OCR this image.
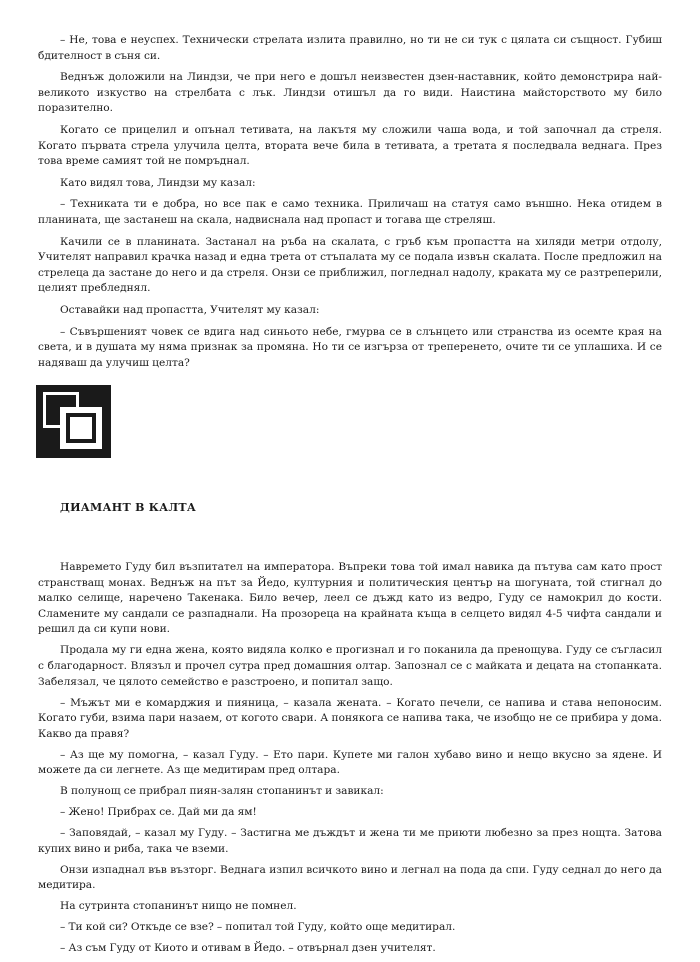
– Не, това е неуспех. Технически стрелата излита правилно, но ти не си тук с цялата си същност. Губиш бдителност в съня си.

Веднъж доложили на Линдзи, че при него е дошъл неизвестен дзен-наставник, който демонстрира най-великото изкуство на стрелбата с лък. Линдзи отишъл да го види. Наистина майсторството му било поразително.

Когато се прицелил и опънал тетивата, на лакътя му сложили чаша вода, и той започнал да стреля. Когато първата стрела улучила целта, втората вече била в тетивата, а третата я последвала веднага. През това време самият той не помръднал.

Като видял това, Линдзи му казал:

– Техниката ти е добра, но все пак е само техника. Приличаш на статуя само външно. Нека отидем в планината, ще застанеш на скала, надвиснала над пропаст и тогава ще стреляш.

Качили се в планината. Застанал на ръба на скалата, с гръб към пропастта на хиляди метри отдолу, Учителят направил крачка назад и една трета от стъпалата му се подала извън скалата. После предложил на стрелеца да застане до него и да стреля. Онзи се приближил, погледнал надолу, краката му се разтреперили, целият пребледнял.

Оставайки над пропастта, Учителят му казал:

– Съвършеният човек се вдига над синьото небе, гмурва се в слънцето или странства из осемте края на света, и в душата му няма признак за промяна. Но ти се изгърза от треперенето, очите ти се уплашиха. И се надяваш да улучиш целта?

ДИАМАНТ В КАЛТА

Навремето Гуду бил възпитател на императора. Въпреки това той имал навика да пътува сам като прост странстващ монах. Веднъж на път за Йедо, културния и политическия център на шогуната, той стигнал до малко селище, наречено Такенака. Било вечер, леел се дъжд като из ведро, Гуду се намокрил до кости. Сламените му сандали се разпаднали. На прозореца на крайната къща в селцето видял 4-5 чифта сандали и решил да си купи нови.

Продала му ги една жена, която видяла колко е прогизнал и го поканила да пренощува. Гуду се съгласил с благодарност. Влязъл и прочел сутра пред домашния олтар. Запознал се с майката и децата на стопанката. Забелязал, че цялото семейство е разстроено, и попитал защо.

– Мъжът ми е комарджия и пияница, – казала жената. – Когато печели, се напива и става непоносим. Когато губи, взима пари назаем, от когото свари. А понякога се напива така, че изобщо не се прибира у дома. Какво да правя?

– Аз ще му помогна, – казал Гуду. – Ето пари. Купете ми галон хубаво вино и нещо вкусно за ядене. И можете да си легнете. Аз ще медитирам пред олтара.

В полунощ се прибрал пиян-залян стопанинът и завикал:

– Жено! Прибрах се. Дай ми да ям!

– Заповядай, – казал му Гуду. – Застигна ме дъждът и жена ти ме приюти любезно за през нощта. Затова купих вино и риба, така че вземи.

Онзи изпаднал във възторг. Веднага изпил всичкото вино и легнал на пода да спи. Гуду седнал до него да медитира.

На сутринта стопанинът нищо не помнел.

– Ти кой си? Откъде се взе? – попитал той Гуду, който още медитирал.

– Аз съм Гуду от Киото и отивам в Йедо. – отвърнал дзен учителят.
